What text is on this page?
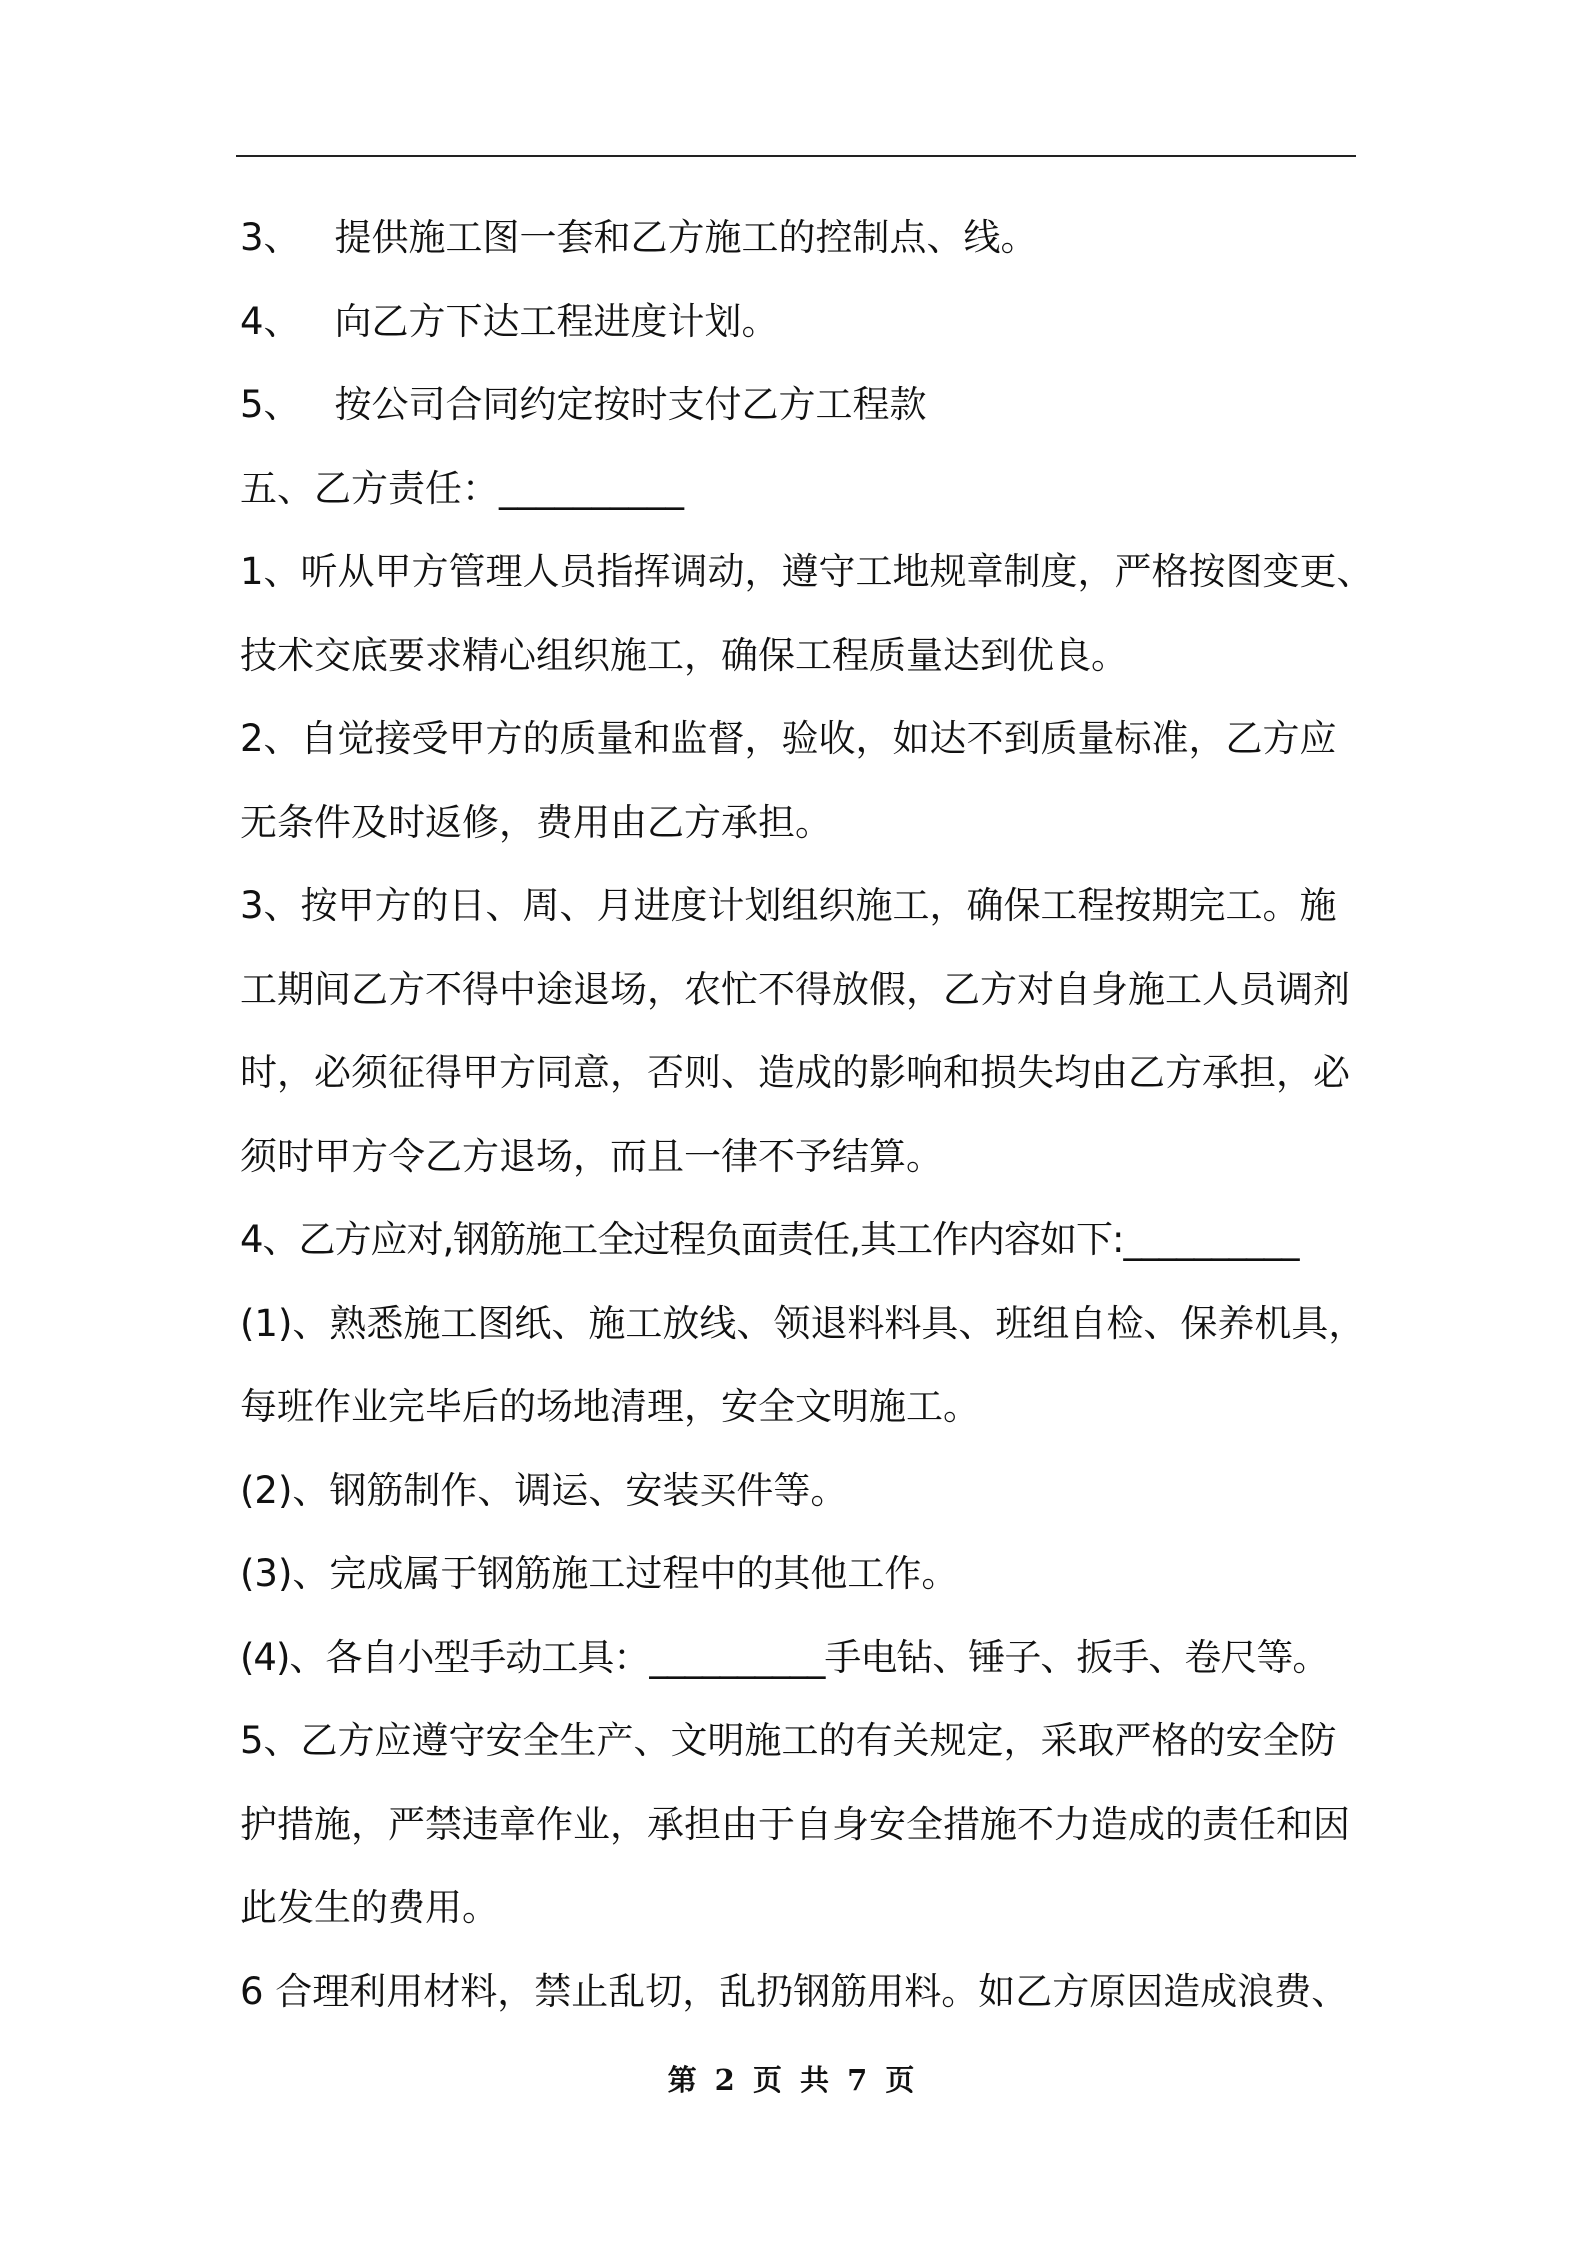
3、 提供施工图一套和乙方施工的控制点、线。
4、 向乙方下达工程进度计划。
5、 按公司合同约定按时支付乙方工程款
五、乙方责任：__________
1、听从甲方管理人员指挥调动，遵守工地规章制度，严格按图变更、
技术交底要求精心组织施工，确保工程质量达到优良。
2、自觉接受甲方的质量和监督，验收，如达不到质量标准，乙方应
无条件及时返修，费用由乙方承担。
3、按甲方的日、周、月进度计划组织施工，确保工程按期完工。施
工期间乙方不得中途退场，农忙不得放假，乙方对自身施工人员调剂
时，必须征得甲方同意，否则、造成的影响和损失均由乙方承担，必
须时甲方令乙方退场，而且一律不予结算。
4、乙方应对,钢筋施工全过程负面责任,其工作内容如下:__________
(1)、熟悉施工图纸、施工放线、领退料料具、班组自检、保养机具，
每班作业完毕后的场地清理，安全文明施工。
(2)、钢筋制作、调运、安装买件等。
(3)、完成属于钢筋施工过程中的其他工作。
(4)、各自小型手动工具：__________手电钻、锤子、扳手、卷尺等。
5、乙方应遵守安全生产、文明施工的有关规定，采取严格的安全防
护措施，严禁违章作业，承担由于自身安全措施不力造成的责任和因
此发生的费用。
6 合理利用材料，禁止乱切，乱扔钢筋用料。如乙方原因造成浪费、
第 2 页 共 7 页
